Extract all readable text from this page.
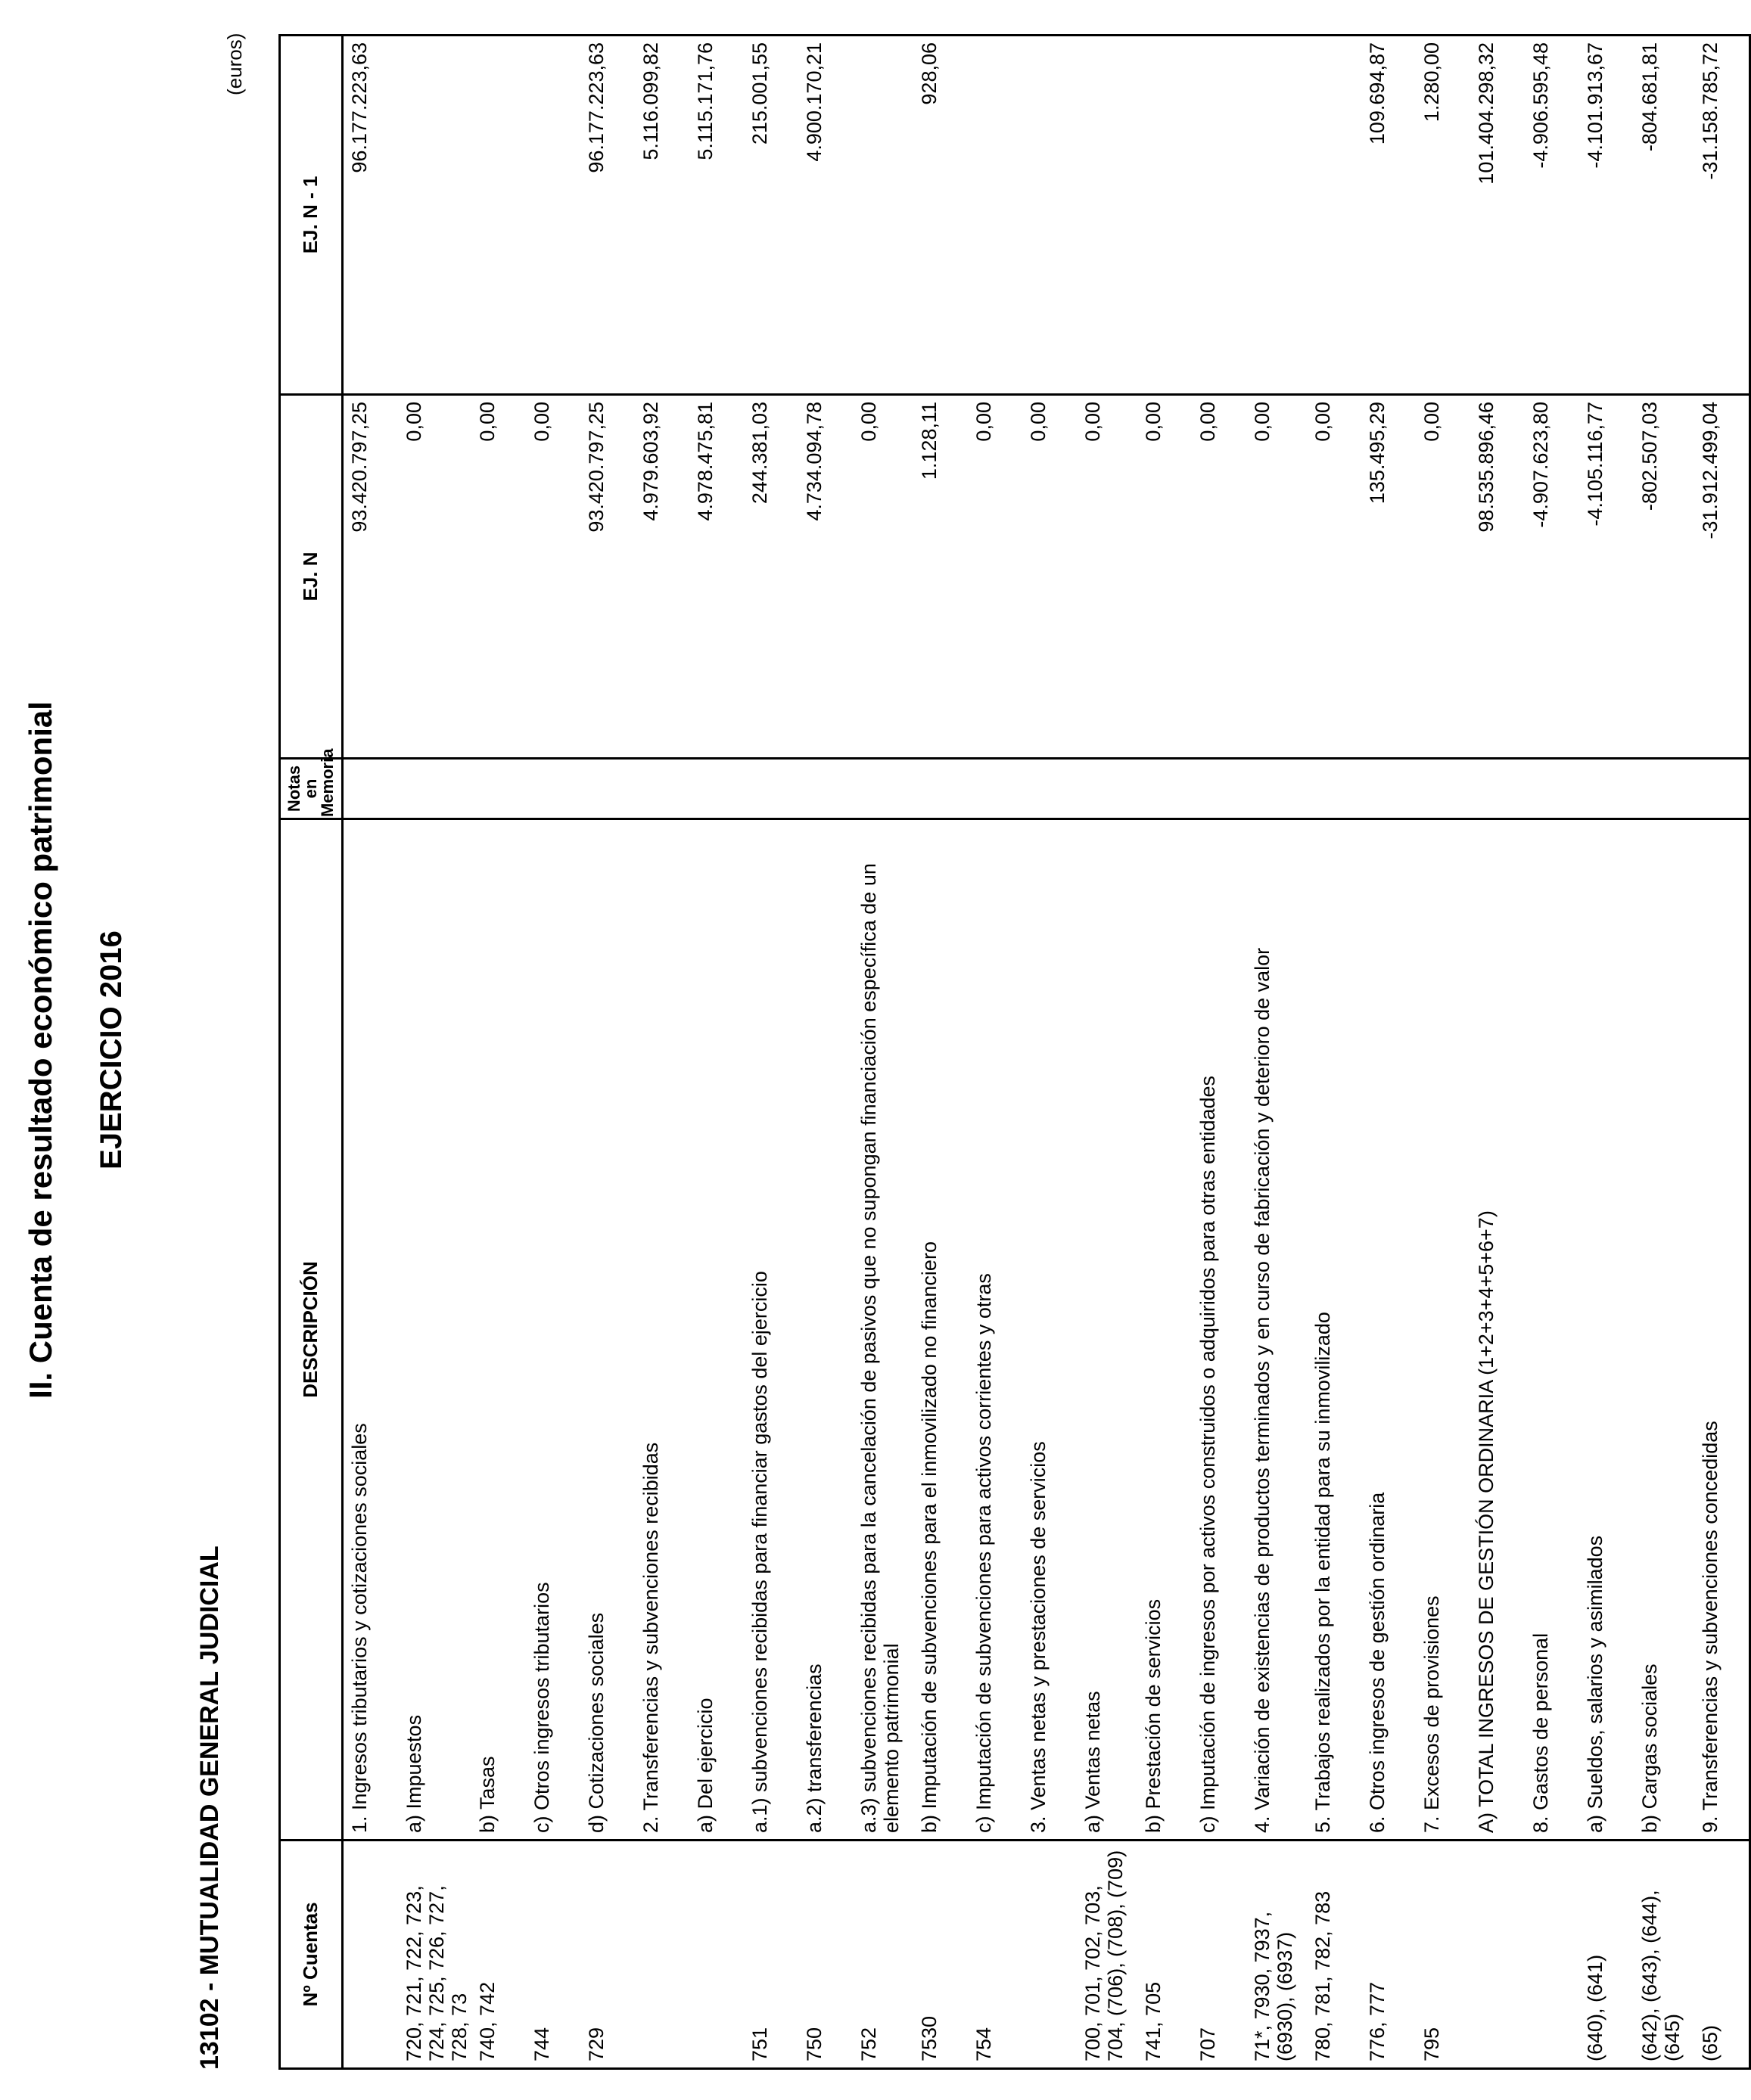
II. Cuenta de resultado económico patrimonial EJERCICIO 2016
13102 - MUTUALIDAD GENERAL JUDICIAL
(euros)
Nº Cuentas	DESCRIPCIÓN	Notas en Memoria	EJ. N	EJ. N - 1
	1. Ingresos tributarios y cotizaciones sociales		93.420.797,25	96.177.223,63
720, 721, 722, 723, 724, 725, 726, 727, 728, 73	a) Impuestos		0,00	
740, 742	b) Tasas		0,00	
744	c) Otros ingresos tributarios		0,00	
729	d) Cotizaciones sociales		93.420.797,25	96.177.223,63
	2. Transferencias y subvenciones recibidas		4.979.603,92	5.116.099,82
	a) Del ejercicio		4.978.475,81	5.115.171,76
751	a.1) subvenciones recibidas para financiar gastos del ejercicio		244.381,03	215.001,55
750	a.2) transferencias		4.734.094,78	4.900.170,21
752	a.3) subvenciones recibidas para la cancelación de pasivos que no supongan financiación específica de un elemento patrimonial		0,00	
7530	b) Imputación de subvenciones para el inmovilizado no financiero		1.128,11	928,06
754	c) Imputación de subvenciones para activos corrientes y otras		0,00	
	3. Ventas netas y prestaciones de servicios		0,00	
700, 701, 702, 703, 704, (706), (708), (709)	a) Ventas netas		0,00	
741, 705	b) Prestación de servicios		0,00	
707	c) Imputación de ingresos por activos construidos o adquiridos para otras entidades		0,00	
71*, 7930, 7937, (6930), (6937)	4. Variación de existencias de productos terminados y en curso de fabricación y deterioro de valor		0,00	
780, 781, 782, 783	5. Trabajos realizados por la entidad para su inmovilizado		0,00	
776, 777	6. Otros ingresos de gestión ordinaria		135.495,29	109.694,87
795	7. Excesos de provisiones		0,00	1.280,00
	A) TOTAL INGRESOS DE GESTIÓN ORDINARIA (1+2+3+4+5+6+7)		98.535.896,46	101.404.298,32
	8. Gastos de personal		-4.907.623,80	-4.906.595,48
(640), (641)	a) Sueldos, salarios y asimilados		-4.105.116,77	-4.101.913,67
(642), (643), (644), (645)	b) Cargas sociales		-802.507,03	-804.681,81
(65)	9. Transferencias y subvenciones concedidas		-31.912.499,04	-31.158.785,72
